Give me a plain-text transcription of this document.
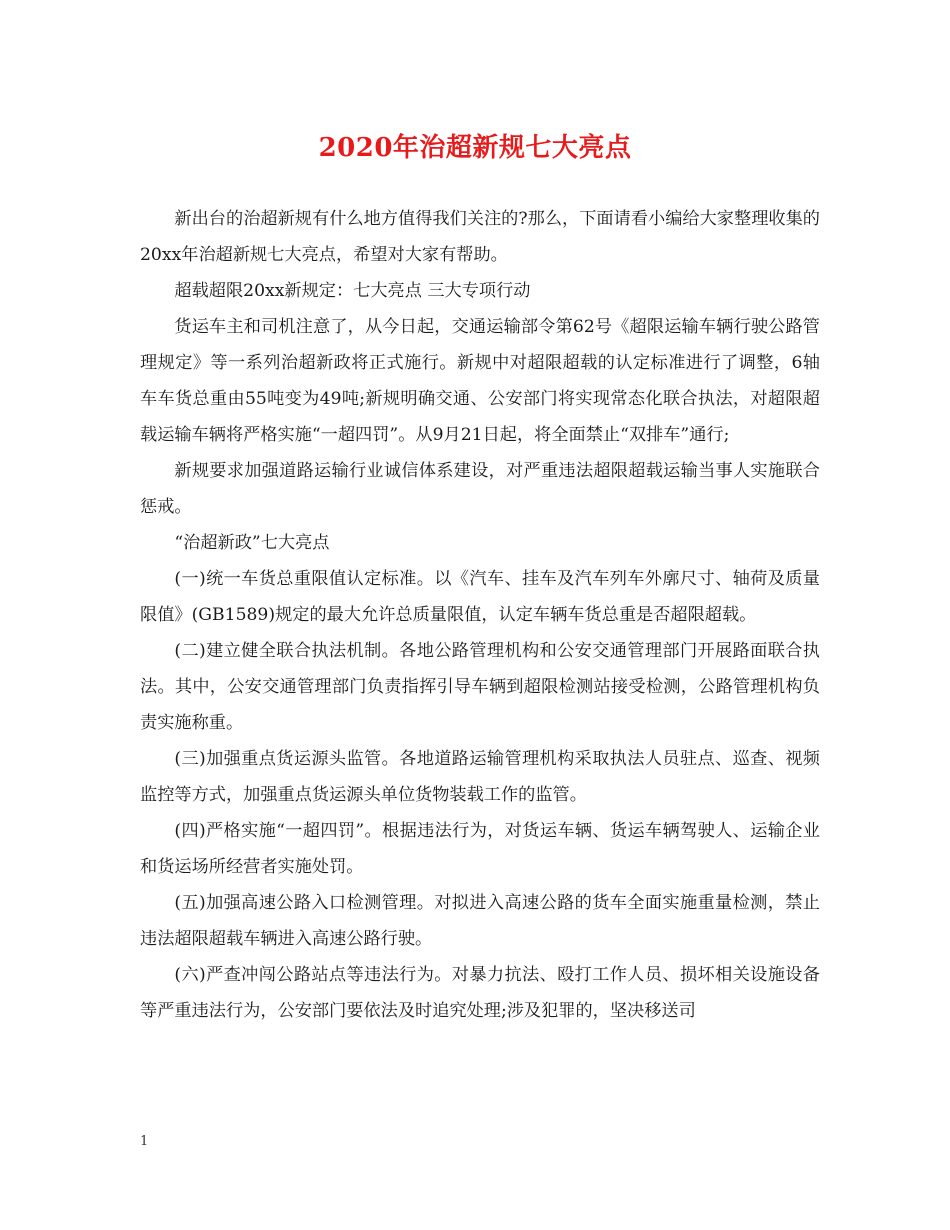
2020年治超新规七大亮点

新出台的治超新规有什么地方值得我们关注的?那么，下面请看小编给大家整理收集的20xx年治超新规七大亮点，希望对大家有帮助。

超载超限20xx新规定：七大亮点 三大专项行动

货运车主和司机注意了，从今日起，交通运输部令第62号《超限运输车辆行驶公路管理规定》等一系列治超新政将正式施行。新规中对超限超载的认定标准进行了调整，6轴车车货总重由55吨变为49吨;新规明确交通、公安部门将实现常态化联合执法，对超限超载运输车辆将严格实施“一超四罚”。从9月21日起，将全面禁止“双排车”通行;

新规要求加强道路运输行业诚信体系建设，对严重违法超限超载运输当事人实施联合惩戒。

“治超新政”七大亮点

(一)统一车货总重限值认定标准。以《汽车、挂车及汽车列车外廓尺寸、轴荷及质量限值》(GB1589)规定的最大允许总质量限值，认定车辆车货总重是否超限超载。

(二)建立健全联合执法机制。各地公路管理机构和公安交通管理部门开展路面联合执法。其中，公安交通管理部门负责指挥引导车辆到超限检测站接受检测，公路管理机构负责实施称重。

(三)加强重点货运源头监管。各地道路运输管理机构采取执法人员驻点、巡查、视频监控等方式，加强重点货运源头单位货物装载工作的监管。

(四)严格实施“一超四罚”。根据违法行为，对货运车辆、货运车辆驾驶人、运输企业和货运场所经营者实施处罚。

(五)加强高速公路入口检测管理。对拟进入高速公路的货车全面实施重量检测，禁止违法超限超载车辆进入高速公路行驶。

(六)严查冲闯公路站点等违法行为。对暴力抗法、殴打工作人员、损坏相关设施设备等严重违法行为，公安部门要依法及时追究处理;涉及犯罪的，坚决移送司

1
